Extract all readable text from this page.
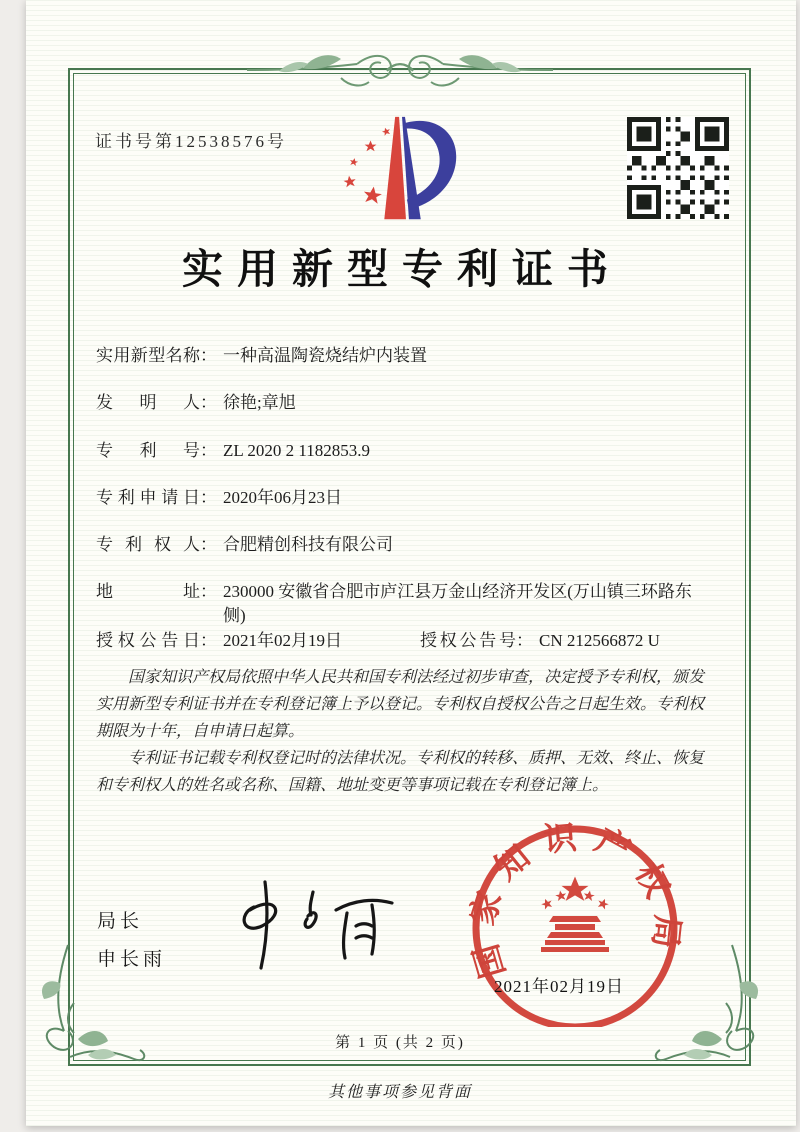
证书号第12538576号
实用新型专利证书
实用新型名称： 一种高温陶瓷烧结炉内装置
发明人： 徐艳;章旭
专利号： ZL 2020 2 1182853.9
专利申请日： 2020年06月23日
专利权人： 合肥精创科技有限公司
地址： 230000 安徽省合肥市庐江县万金山经济开发区(万山镇三环路东侧)
授权公告日： 2021年02月19日	授权公告号： CN 212566872 U

国家知识产权局依照中华人民共和国专利法经过初步审查，决定授予专利权，颁发实用新型专利证书并在专利登记簿上予以登记。专利权自授权公告之日起生效。专利权期限为十年，自申请日起算。

专利证书记载专利权登记时的法律状况。专利权的转移、质押、无效、终止、恢复和专利权人的姓名或名称、国籍、地址变更等事项记载在专利登记簿上。

局长
申长雨	国家知识产权局
2021年02月19日
第 1 页 (共 2 页)
其他事项参见背面
